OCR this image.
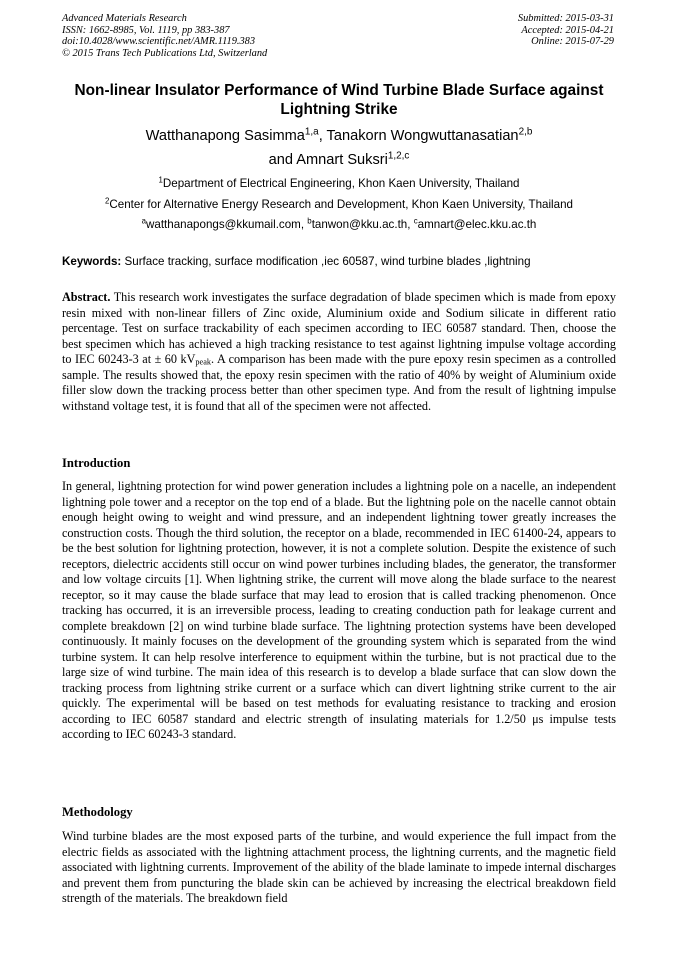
Advanced Materials Research
ISSN: 1662-8985, Vol. 1119, pp 383-387
doi:10.4028/www.scientific.net/AMR.1119.383
© 2015 Trans Tech Publications Ltd, Switzerland
Submitted: 2015-03-31
Accepted: 2015-04-21
Online: 2015-07-29
Non-linear Insulator Performance of Wind Turbine Blade Surface against Lightning Strike
Watthanapong Sasimma$^{1,a}$, Tanakorn Wongwuttanasatian$^{2,b}$
and Amnart Suksri$^{1,2,c}$
$^1$Department of Electrical Engineering, Khon Kaen University, Thailand
$^2$Center for Alternative Energy Research and Development, Khon Kaen University, Thailand
$^a$watthanapongs@kkumail.com, $^b$tanwon@kku.ac.th, $^c$amnart@elec.kku.ac.th
Keywords: Surface tracking, surface modification ,iec 60587, wind turbine blades ,lightning
Abstract. This research work investigates the surface degradation of blade specimen which is made from epoxy resin mixed with non-linear fillers of Zinc oxide, Aluminium oxide and Sodium silicate in different ratio percentage. Test on surface trackability of each specimen according to IEC 60587 standard. Then, choose the best specimen which has achieved a high tracking resistance to test against lightning impulse voltage according to IEC 60243-3 at ± 60 $kV_{peak}$. A comparison has been made with the pure epoxy resin specimen as a controlled sample. The results showed that, the epoxy resin specimen with the ratio of 40% by weight of Aluminium oxide filler slow down the tracking process better than other specimen type. And from the result of lightning impulse withstand voltage test, it is found that all of the specimen were not affected.
Introduction
In general, lightning protection for wind power generation includes a lightning pole on a nacelle, an independent lightning pole tower and a receptor on the top end of a blade. But the lightning pole on the nacelle cannot obtain enough height owing to weight and wind pressure, and an independent lightning tower greatly increases the construction costs. Though the third solution, the receptor on a blade, recommended in IEC 61400-24, appears to be the best solution for lightning protection, however, it is not a complete solution. Despite the existence of such receptors, dielectric accidents still occur on wind power turbines including blades, the generator, the transformer and low voltage circuits [1]. When lightning strike, the current will move along the blade surface to the nearest receptor, so it may cause the blade surface that may lead to erosion that is called tracking phenomenon. Once tracking has occurred, it is an irreversible process, leading to creating conduction path for leakage current and complete breakdown [2] on wind turbine blade surface. The lightning protection systems have been developed continuously. It mainly focuses on the development of the grounding system which is separated from the wind turbine system. It can help resolve interference to equipment within the turbine, but is not practical due to the large size of wind turbine. The main idea of this research is to develop a blade surface that can slow down the tracking process from lightning strike current or a surface which can divert lightning strike current to the air quickly. The experimental will be based on test methods for evaluating resistance to tracking and erosion according to IEC 60587 standard and electric strength of insulating materials for 1.2/50 μs impulse tests according to IEC 60243-3 standard.
Methodology
Wind turbine blades are the most exposed parts of the turbine, and would experience the full impact from the electric fields as associated with the lightning attachment process, the lightning currents, and the magnetic field associated with lightning currents. Improvement of the ability of the blade laminate to impede internal discharges and prevent them from puncturing the blade skin can be achieved by increasing the electrical breakdown field strength of the materials. The breakdown field
